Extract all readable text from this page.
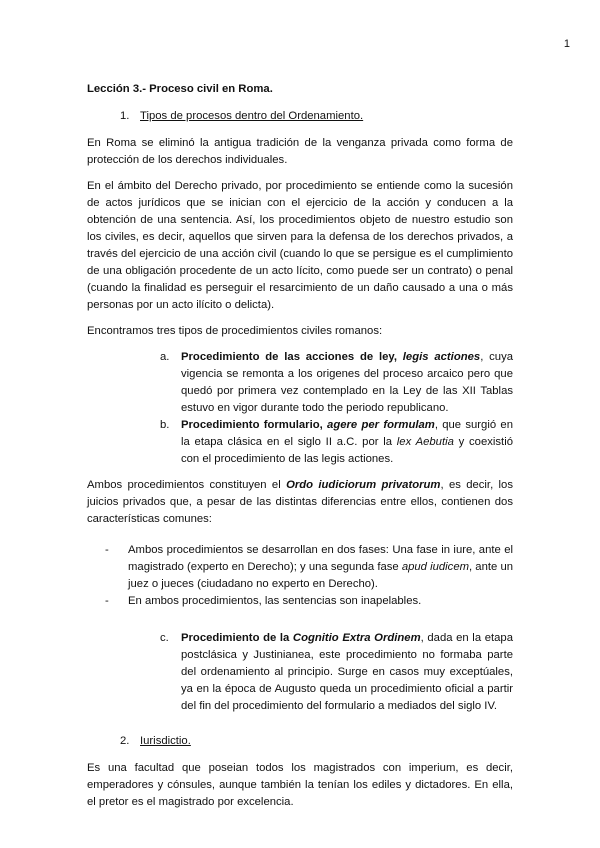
1

Lección 3.- Proceso civil en Roma.

1. Tipos de procesos dentro del Ordenamiento.

En Roma se eliminó la antigua tradición de la venganza privada como forma de protección de los derechos individuales.

En el ámbito del Derecho privado, por procedimiento se entiende como la sucesión de actos jurídicos que se inician con el ejercicio de la acción y conducen a la obtención de una sentencia. Así, los procedimientos objeto de nuestro estudio son los civiles, es decir, aquellos que sirven para la defensa de los derechos privados, a través del ejercicio de una acción civil (cuando lo que se persigue es el cumplimiento de una obligación procedente de un acto lícito, como puede ser un contrato) o penal (cuando la finalidad es perseguir el resarcimiento de un daño causado a una o más personas por un acto ilícito o delicta).

Encontramos tres tipos de procedimientos civiles romanos:

a. Procedimiento de las acciones de ley, legis actiones, cuya vigencia se remonta a los origenes del proceso arcaico pero que quedó por primera vez contemplado en la Ley de las XII Tablas estuvo en vigor durante todo the periodo republicano.
b. Procedimiento formulario, agere per formulam, que surgió en la etapa clásica en el siglo II a.C. por la lex Aebutia y coexistió con el procedimiento de las legis actiones.

Ambos procedimientos constituyen el Ordo iudiciorum privatorum, es decir, los juicios privados que, a pesar de las distintas diferencias entre ellos, contienen dos características comunes:

- Ambos procedimientos se desarrollan en dos fases: Una fase in iure, ante el magistrado (experto en Derecho); y una segunda fase apud iudicem, ante un juez o jueces (ciudadano no experto en Derecho).
- En ambos procedimientos, las sentencias son inapelables.
c. Procedimiento de la Cognitio Extra Ordinem, dada en la etapa postclásica y Justinianea, este procedimiento no formaba parte del ordenamiento al principio. Surge en casos muy exceptúales, ya en la época de Augusto queda un procedimiento oficial a partir del fin del procedimiento del formulario a mediados del siglo IV.

2. Iurisdictio.

Es una facultad que poseian todos los magistrados con imperium, es decir, emperadores y cónsules, aunque también la tenían los ediles y dictadores. En ella, el pretor es el magistrado por excelencia.
